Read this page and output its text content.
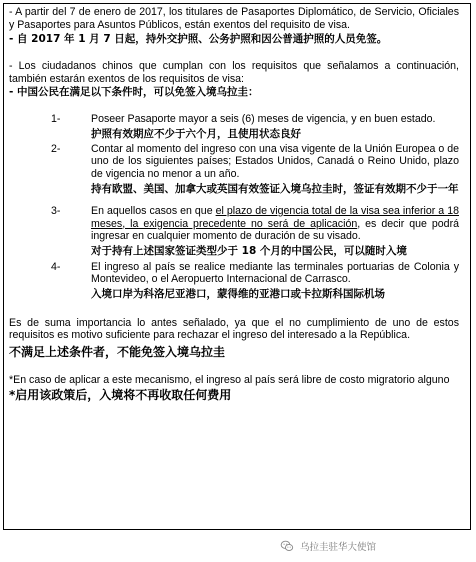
- A partir del 7 de enero de 2017, los titulares de Pasaportes Diplomático, de Servicio, Oficiales y Pasaportes para Asuntos Públicos, están exentos del requisito de visa.

- 自 2017 年 1 月 7 日起，持外交护照、公务护照和因公普通护照的人员免签。

- Los ciudadanos chinos que cumplan con los requisitos que señalamos a continuación, también estarán exentos de los requisitos de visa:

- 中国公民在满足以下条件时，可以免签入境乌拉圭：

1-	Poseer Pasaporte mayor a seis (6) meses de vigencia, y en buen estado.

护照有效期应不少于六个月，且使用状态良好

2-	Contar al momento del ingreso con una visa vigente de la Unión Europea o de uno de los siguientes países; Estados Unidos, Canadá o Reino Unido, plazo de vigencia no menor a un año.

持有欧盟、美国、加拿大或英国有效签证入境乌拉圭时，签证有效期不少于一年

3-	En aquellos casos en que el plazo de vigencia total de la visa sea inferior a 18 meses, la exigencia precedente no será de aplicación, es decir que podrá ingresar en cualquier momento de duración de su visado.

对于持有上述国家签证类型少于 18 个月的中国公民，可以随时入境

4-	El ingreso al país se realice mediante las terminales portuarias de Colonia y Montevideo, o el Aeropuerto Internacional de Carrasco.

入境口岸为科洛尼亚港口，蒙得维的亚港口或卡拉斯科国际机场

Es de suma importancia lo antes señalado, ya que el no cumplimiento de uno de estos requisitos es motivo suficiente para rechazar el ingreso del interesado a la República.

不满足上述条件者，不能免签入境乌拉圭

*En caso de aplicar a este mecanismo, el ingreso al país será libre de costo migratorio alguno

*启用该政策后，入境将不再收取任何费用

乌拉圭驻华大使馆
